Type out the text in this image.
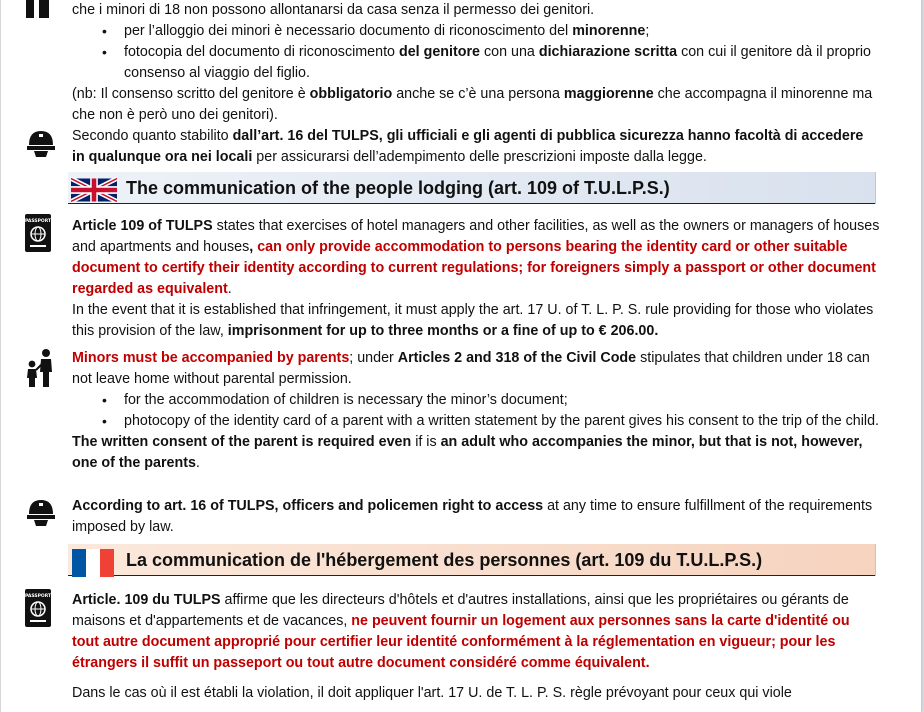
che i minori di 18 non possono allontanarsi da casa senza il permesso dei genitori.

• per l’alloggio dei minori è necessario documento di riconoscimento del minorenne;
• fotocopia del documento di riconoscimento del genitore con una dichiarazione scritta con cui il genitore dà il proprio consenso al viaggio del figlio.

(nb: Il consenso scritto del genitore è obbligatorio anche se c’è una persona maggiorenne che accompagna il minorenne ma che non è però uno dei genitori).

Secondo quanto stabilito dall’art. 16 del TULPS, gli ufficiali e gli agenti di pubblica sicurezza hanno facoltà di accedere in qualunque ora nei locali per assicurarsi dell’adempimento delle prescrizioni imposte dalla legge.

The communication of the people lodging (art. 109 of T.U.L.P.S.)
PASSPORT Article 109 of TULPS states that exercises of hotel managers and other facilities, as well as the owners or managers of houses and apartments and houses, can only provide accommodation to persons bearing the identity card or other suitable document to certify their identity according to current regulations; for foreigners simply a passport or other document regarded as equivalent.

In the event that it is established that infringement, it must apply the art. 17 U. of T. L. P. S. rule providing for those who violates this provision of the law, imprisonment for up to three months or a fine of up to € 206.00.

Minors must be accompanied by parents; under Articles 2 and 318 of the Civil Code stipulates that children under 18 can not leave home without parental permission.

• for the accommodation of children is necessary the minor’s document;
• photocopy of the identity card of a parent with a written statement by the parent gives his consent to the trip of the child.

The written consent of the parent is required even if is an adult who accompanies the minor, but that is not, however, one of the parents.

According to art. 16 of TULPS, officers and policemen right to access at any time to ensure fulfillment of the requirements imposed by law.

La communication de l'hébergement des personnes (art. 109 du T.U.L.P.S.)
PASSPORT Article. 109 du TULPS affirme que les directeurs d'hôtels et d'autres installations, ainsi que les propriétaires ou gérants de maisons et d'appartements et de vacances, ne peuvent fournir un logement aux personnes sans la carte d'identité ou tout autre document approprié pour certifier leur identité conformément à la réglementation en vigueur; pour les étrangers il suffit un passeport ou tout autre document considéré comme équivalent.

Dans le cas où il est établi la violation, il doit appliquer l'art. 17 U. de T. L. P. S. règle prévoyant pour ceux qui viole
